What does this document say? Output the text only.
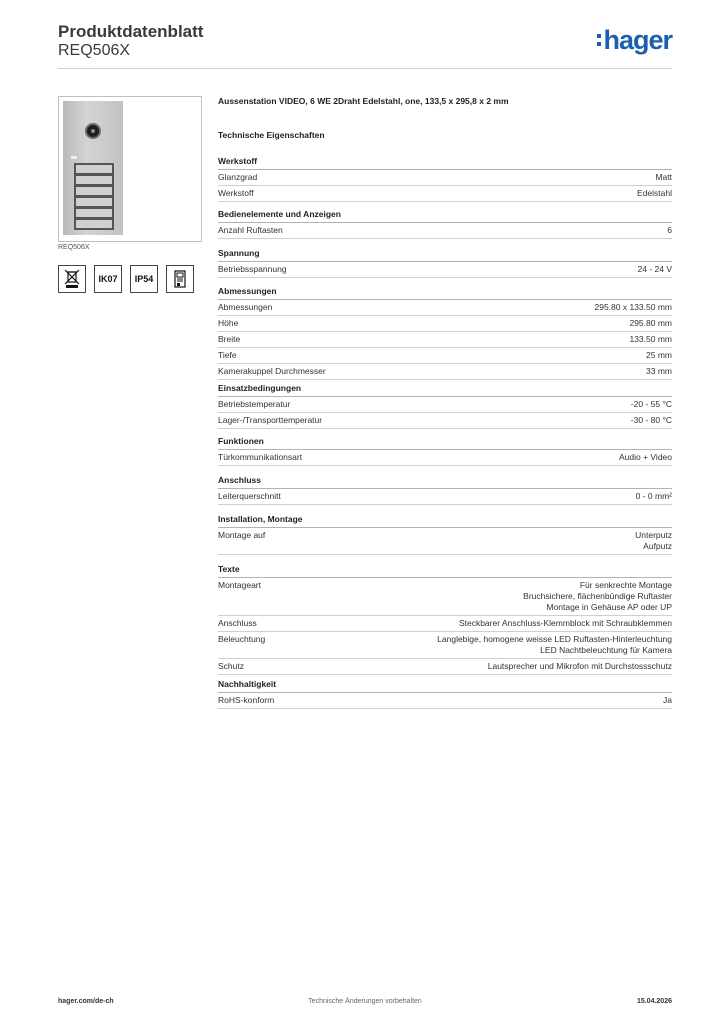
Produktdatenblatt
REQ506X	hager
REQ506X
IK07	IP54
Aussenstation VIDEO, 6 WE 2Draht Edelstahl, one, 133,5 x 295,8 x 2 mm
Technische Eigenschaften
Werkstoff
Glanzgrad	Matt
Werkstoff	Edelstahl
Bedienelemente und Anzeigen
Anzahl Ruftasten	6
Spannung
Betriebsspannung	24 - 24 V
Abmessungen
Abmessungen	295.80 x 133.50 mm
Höhe	295.80 mm
Breite	133.50 mm
Tiefe	25 mm
Kamerakuppel Durchmesser	33 mm
Einsatzbedingungen
Betriebstemperatur	-20 - 55 °C
Lager-/Transporttemperatur	-30 - 80 °C
Funktionen
Türkommunikationsart	Audio + Video
Anschluss
Leiterquerschnitt	0 - 0 mm²
Installation, Montage
Montage auf	Unterputz
Aufputz
Texte
Montageart	Für senkrechte Montage
Bruchsichere, flächenbündige Ruftaster
Montage in Gehäuse AP oder UP
Anschluss	Steckbarer Anschluss-Klemmblock mit Schraubklemmen
Beleuchtung	Langlebige, homogene weisse LED Ruftasten-Hinterleuchtung
LED Nachtbeleuchtung für Kamera
Schutz	Lautsprecher und Mikrofon mit Durchstossschutz
Nachhaltigkeit
RoHS-konform	Ja
Technische Änderungen vorbehalten
hager.com/de-ch	15.04.2026
